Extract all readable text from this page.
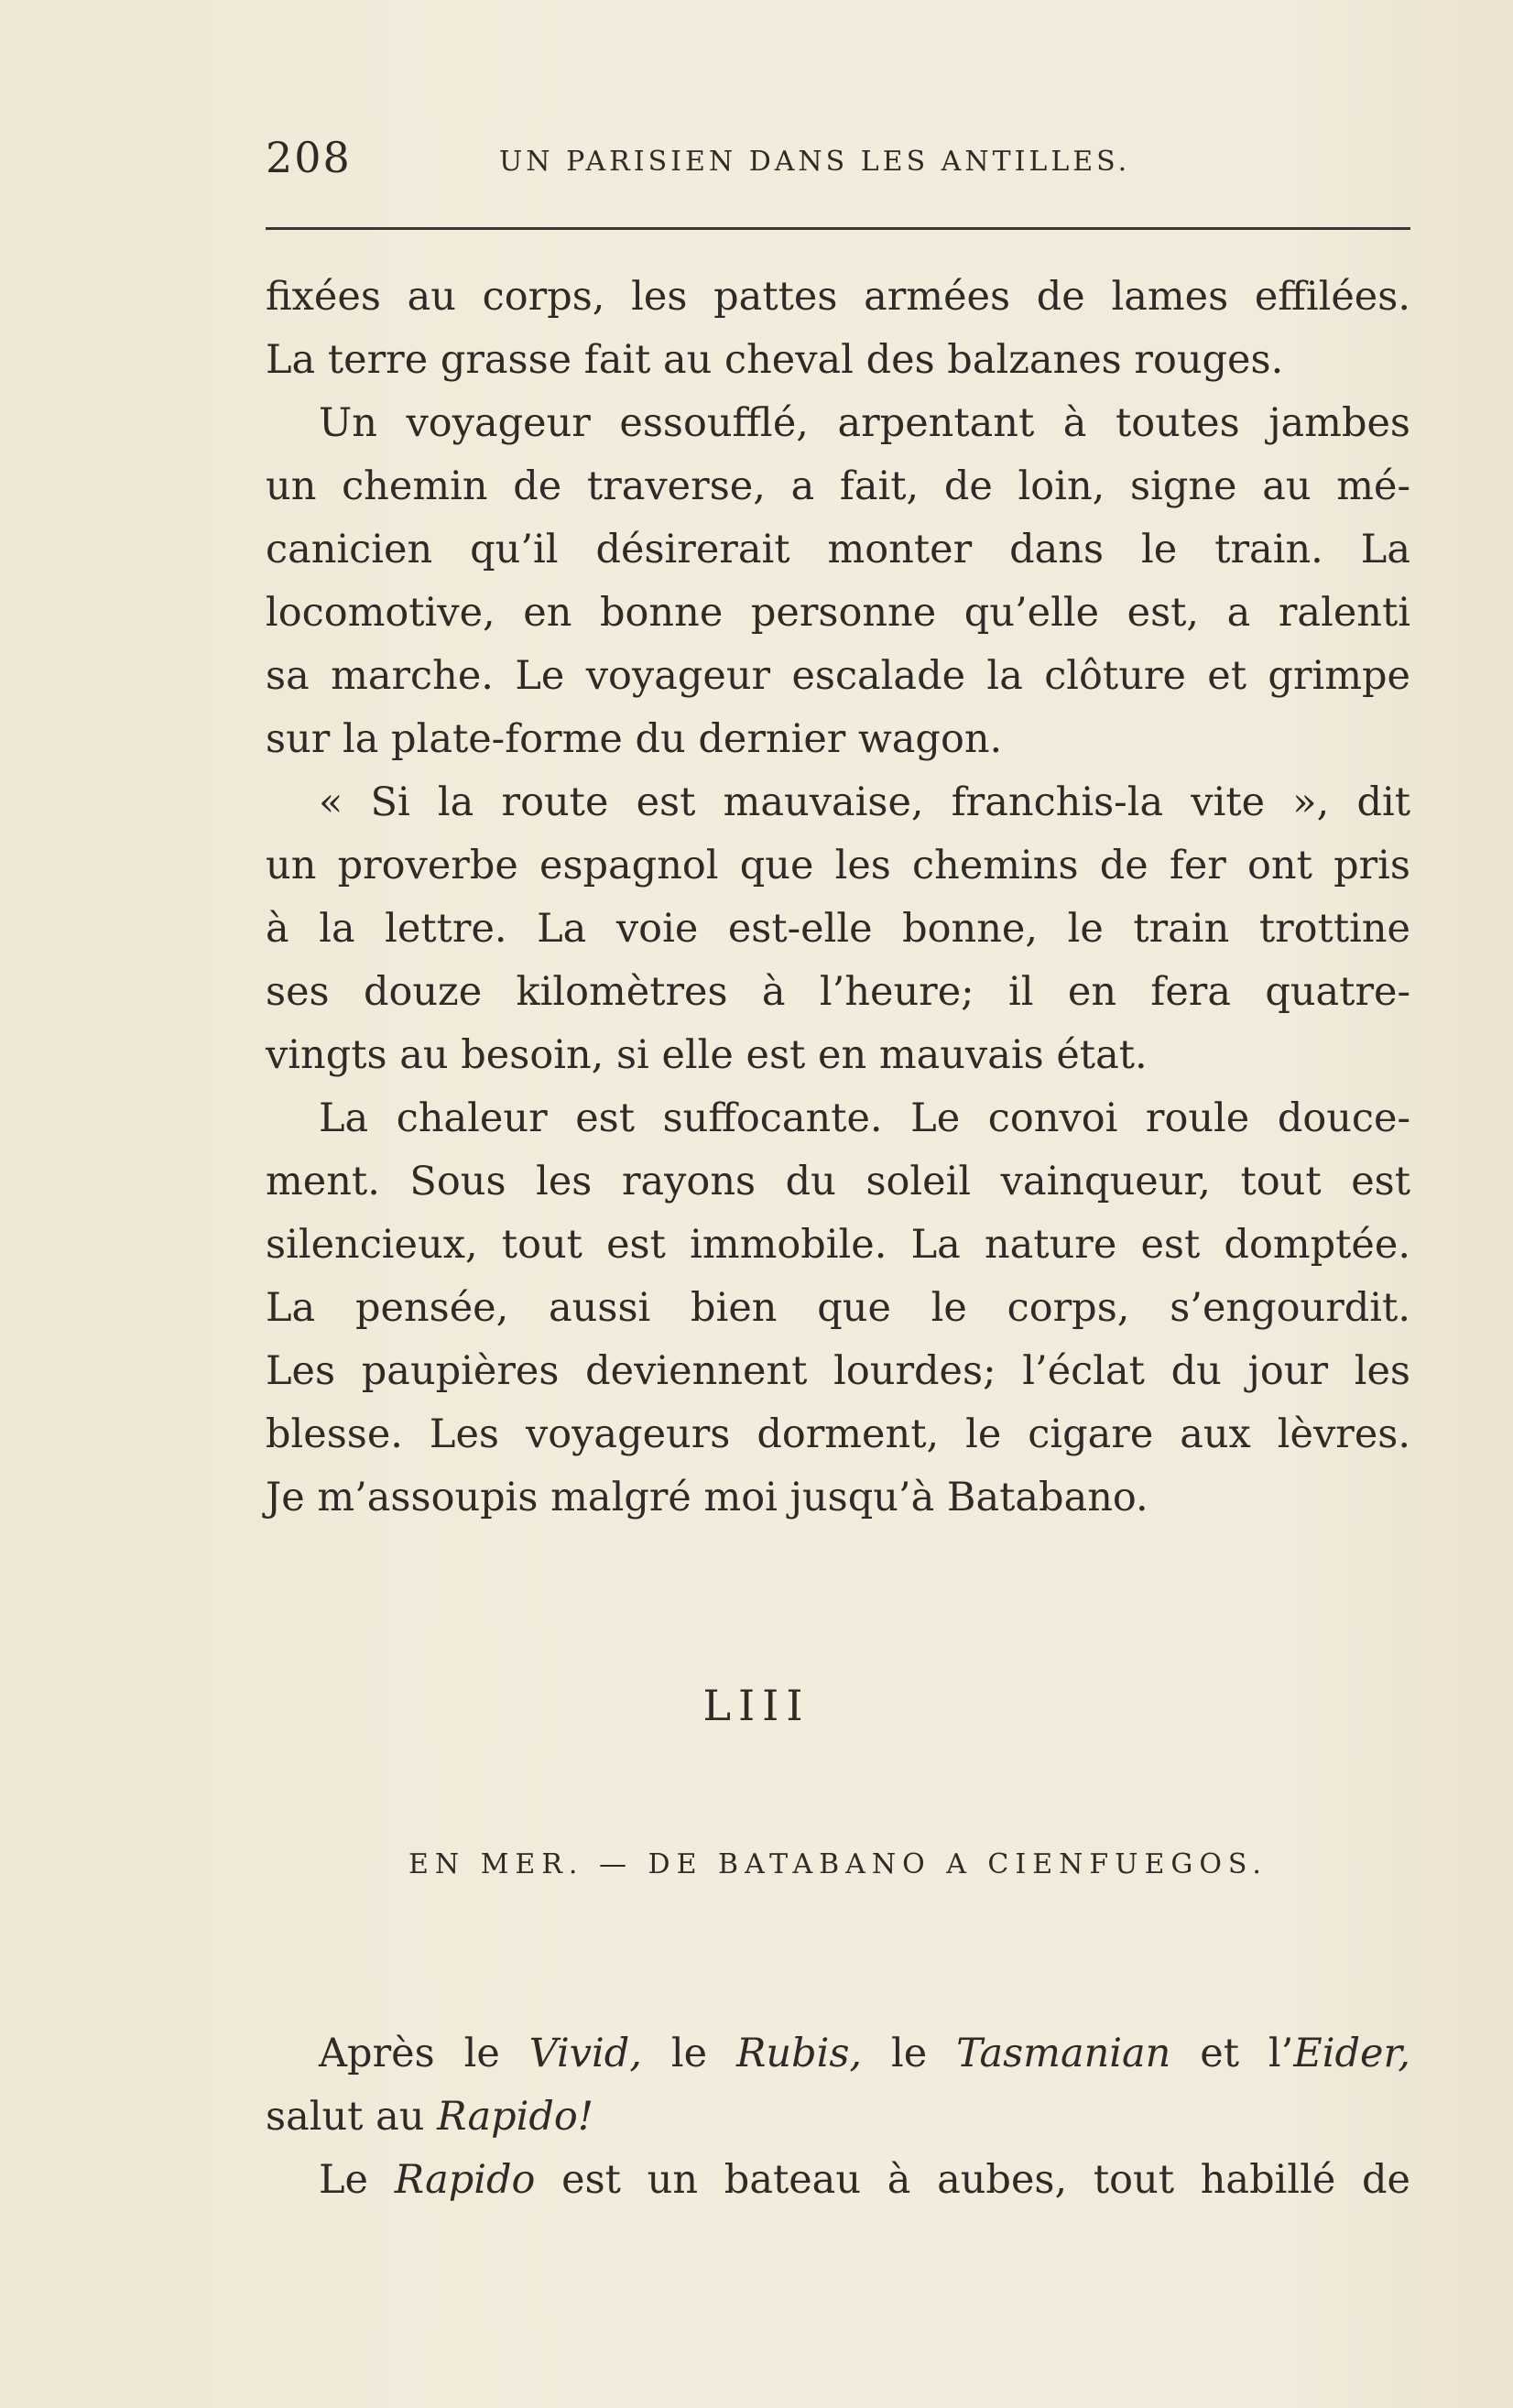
208	UN PARISIEN DANS LES ANTILLES.
fixées au corps, les pattes armées de lames effilées.
La terre grasse fait au cheval des balzanes rouges.
Un voyageur essoufflé, arpentant à toutes jambes
un chemin de traverse, a fait, de loin, signe au mé-
canicien qu’il désirerait monter dans le train. La
locomotive, en bonne personne qu’elle est, a ralenti
sa marche. Le voyageur escalade la clôture et grimpe
sur la plate-forme du dernier wagon.
« Si la route est mauvaise, franchis-la vite », dit
un proverbe espagnol que les chemins de fer ont pris
à la lettre. La voie est-elle bonne, le train trottine
ses douze kilomètres à l’heure; il en fera quatre-
vingts au besoin, si elle est en mauvais état.
La chaleur est suffocante. Le convoi roule douce-
ment. Sous les rayons du soleil vainqueur, tout est
silencieux, tout est immobile. La nature est domptée.
La pensée, aussi bien que le corps, s’engourdit.
Les paupières deviennent lourdes; l’éclat du jour les
blesse. Les voyageurs dorment, le cigare aux lèvres.
Je m’assoupis malgré moi jusqu’à Batabano.
LIII
EN MER. — DE BATABANO A CIENFUEGOS.
Après le Vivid, le Rubis, le Tasmanian et l’Eider,
salut au Rapido!
Le Rapido est un bateau à aubes, tout habillé de
